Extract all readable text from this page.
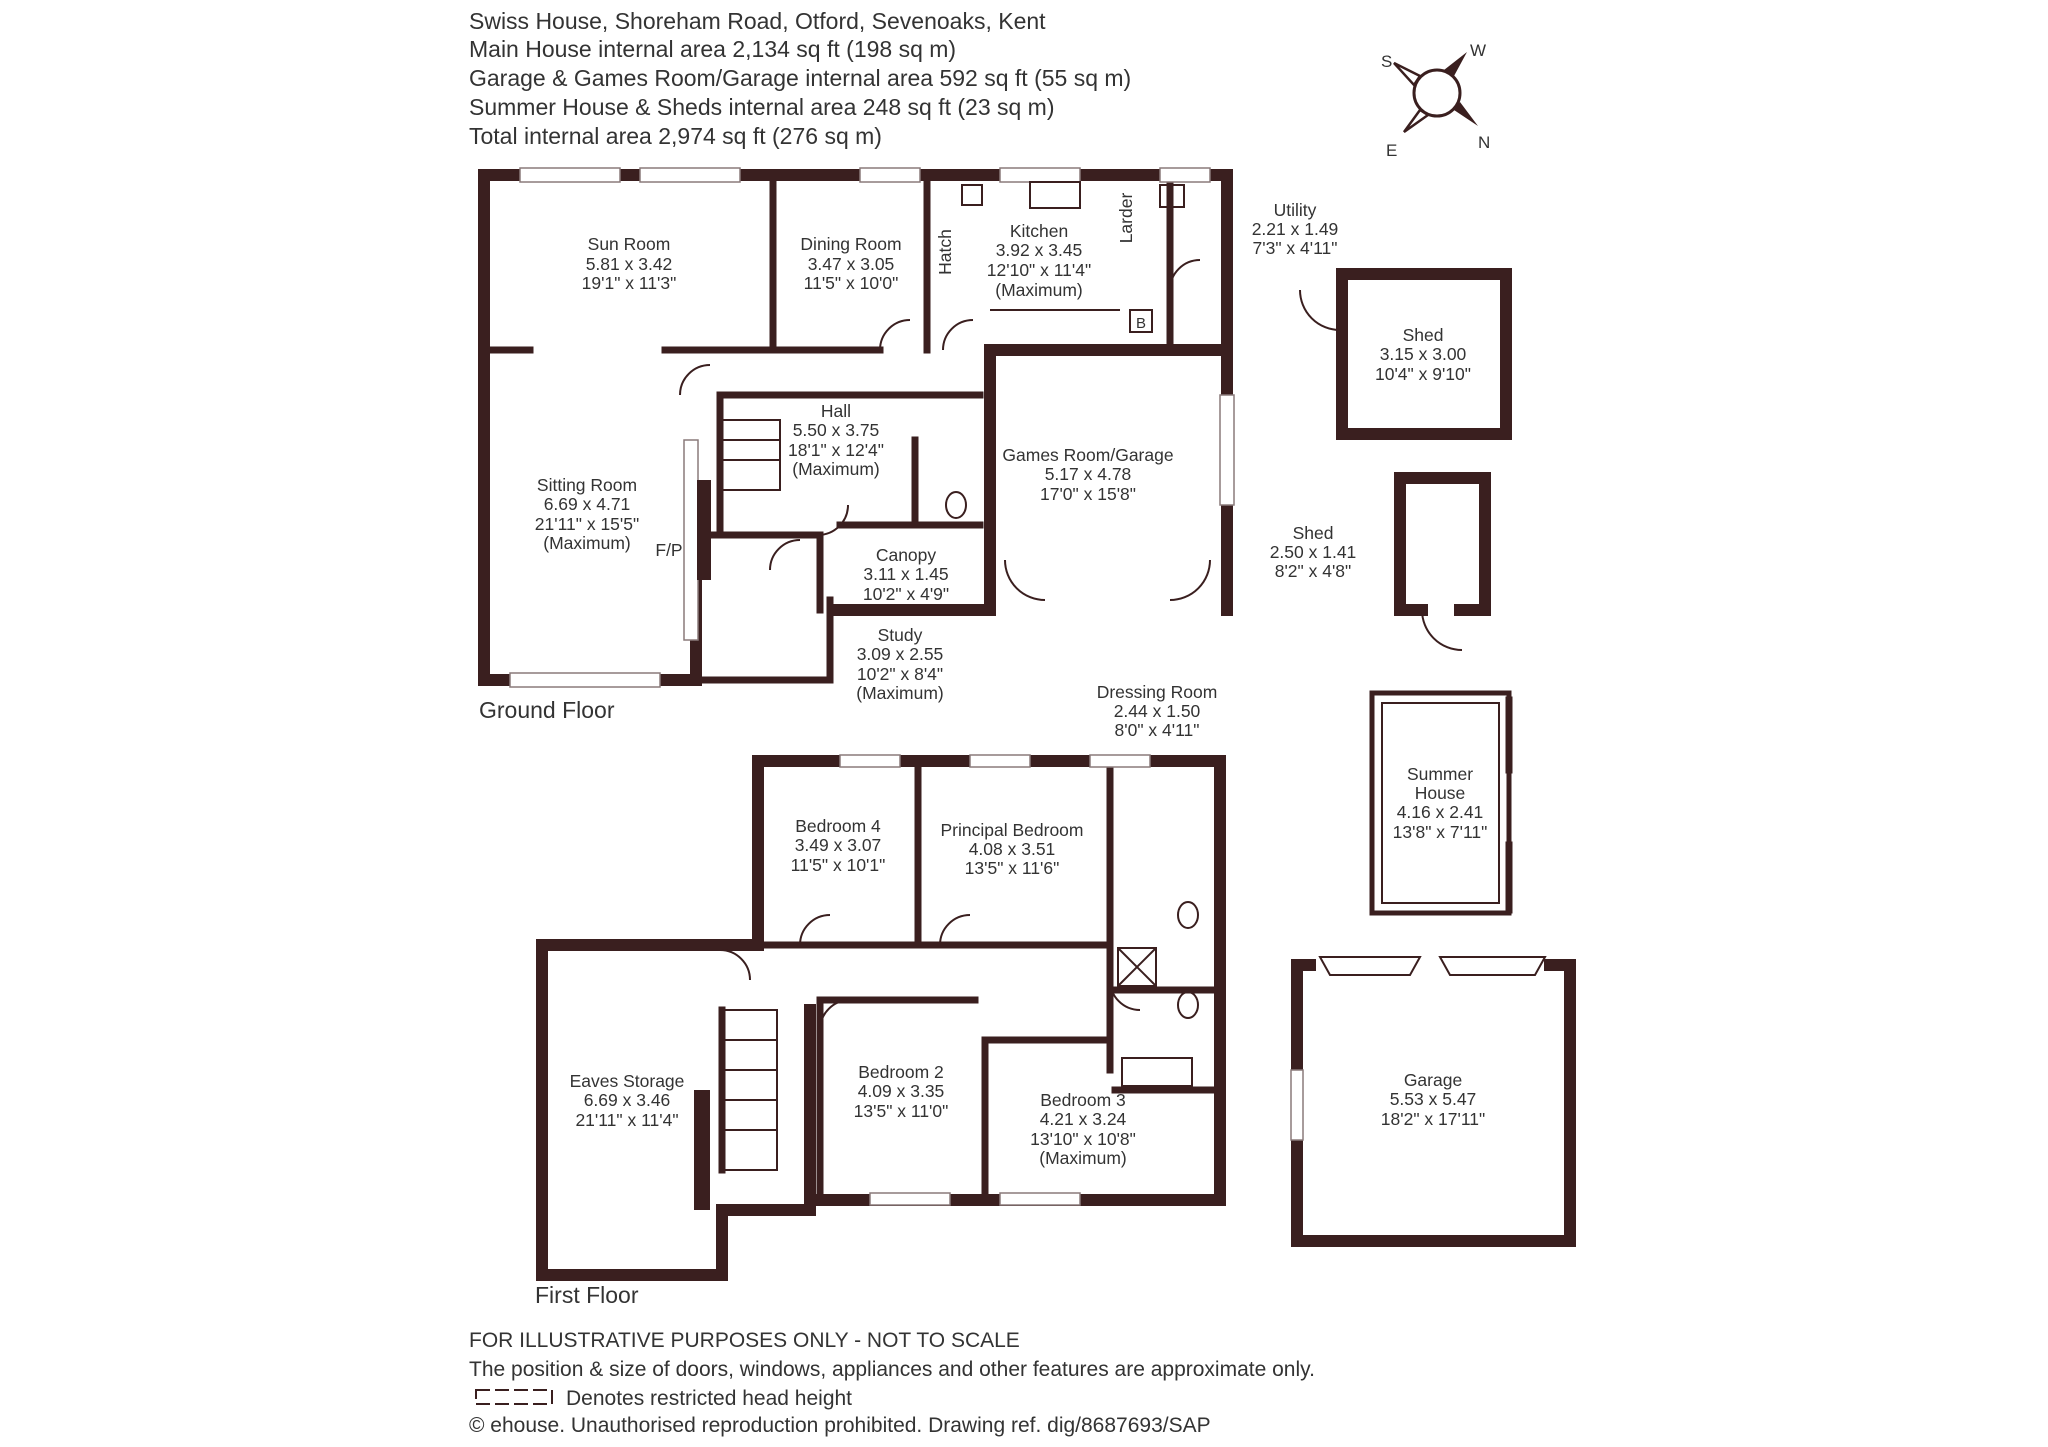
Swiss House, Shoreham Road, Otford, Sevenoaks, Kent
Main House internal area 2,134 sq ft (198 sq m)
Garage & Games Room/Garage internal area 592 sq ft (55 sq m)
Summer House & Sheds internal area 248 sq ft (23 sq m)
Total internal area 2,974 sq ft (276 sq m)
S
W
E	N
B
Sun Room
5.81 x 3.42
19'1" x 11'3"
Dining Room
3.47 x 3.05
11'5" x 10'0"
Kitchen
3.92 x 3.45
12'10" x 11'4"
(Maximum)
Utility
2.21 x 1.49
7'3" x 4'11"
Hall
5.50 x 3.75
18'1" x 12'4"
(Maximum)
Sitting Room
6.69 x 4.71
21'11" x 15'5"
(Maximum)
Games Room/Garage
5.17 x 4.78
17'0" x 15'8"
Canopy
3.11 x 1.45
10'2" x 4'9"
Study
3.09 x 2.55
10'2" x 8'4"
(Maximum)
Larder
Hatch
F/P
Ground Floor
Dressing Room
2.44 x 1.50
8'0" x 4'11"
Bedroom 4
3.49 x 3.07
11'5" x 10'1"
Principal Bedroom
4.08 x 3.51
13'5" x 11'6"
Eaves Storage
6.69 x 3.46
21'11" x 11'4"
Bedroom 2
4.09 x 3.35
13'5" x 11'0"
Bedroom 3
4.21 x 3.24
13'10" x 10'8"
(Maximum)
First Floor
Shed
3.15 x 3.00
10'4" x 9'10"
Shed
2.50 x 1.41
8'2" x 4'8"
Summer
House
4.16 x 2.41
13'8" x 7'11"
Garage
5.53 x 5.47
18'2" x 17'11"
FOR ILLUSTRATIVE PURPOSES ONLY - NOT TO SCALE
The position & size of doors, windows, appliances and other features are approximate only.
Denotes restricted head height
© ehouse. Unauthorised reproduction prohibited. Drawing ref. dig/8687693/SAP
